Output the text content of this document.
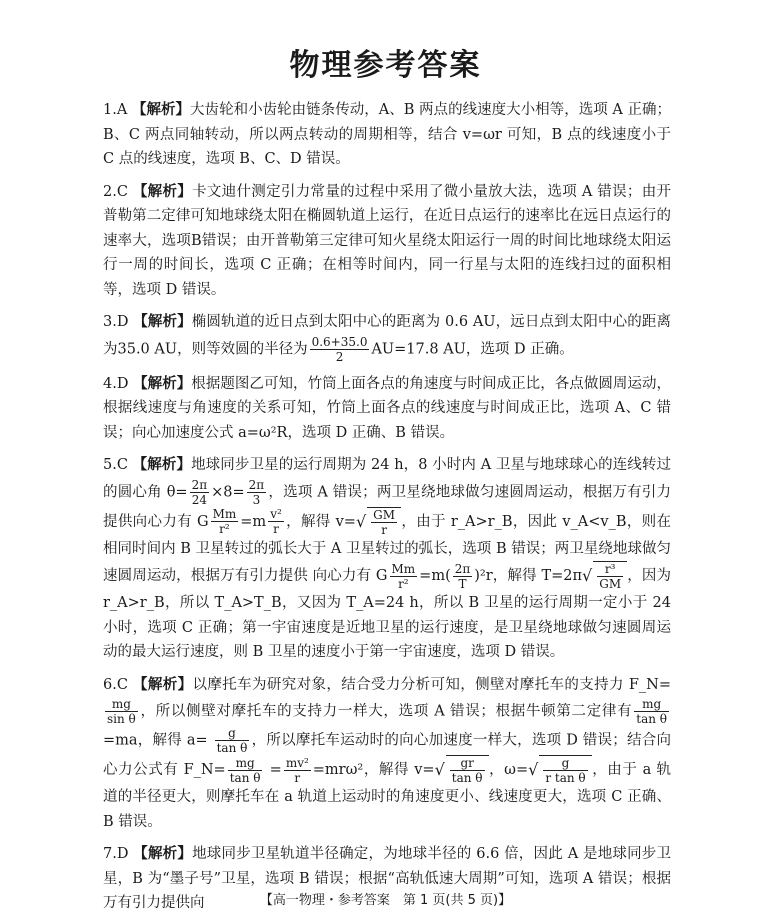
物理参考答案
1.A 【解析】大齿轮和小齿轮由链条传动，A、B 两点的线速度大小相等，选项 A 正确；B、C 两点同轴转动，所以两点转动的周期相等，结合 v=ωr 可知，B 点的线速度小于 C 点的线速度，选项 B、C、D 错误。
2.C 【解析】卡文迪什测定引力常量的过程中采用了微小量放大法，选项 A 错误；由开普勒第二定律可知地球绕太阳在椭圆轨道上运行，在近日点运行的速率比在远日点运行的速率大，选项B错误；由开普勒第三定律可知火星绕太阳运行一周的时间比地球绕太阳运行一周的时间长，选项 C 正确；在相等时间内，同一行星与太阳的连线扫过的面积相等，选项 D 错误。
3.D 【解析】椭圆轨道的近日点到太阳中心的距离为 0.6 AU，远日点到太阳中心的距离为35.0 AU，则等效圆的半径为 $\frac{0.6+35.0}{2} AU=17.8$ AU，选项 D 正确。
4.D 【解析】根据题图乙可知，竹筒上面各点的角速度与时间成正比，各点做圆周运动，根据线速度与角速度的关系可知，竹筒上面各点的线速度与时间成正比，选项 A、C 错误；向心加速度公式 a=ω²R，选项 D 正确、B 错误。
5.C 【解析】地球同步卫星的运行周期为 24 h，8 小时内 A 卫星与地球球心的连线转过的圆心角 $\theta= \frac{2\pi}{24} \times 8= \frac{2\pi}{3}$ ，选项 A 错误；两卫星绕地球做匀速圆周运动，根据万有引力提供向心力有 G $\frac{Mm}{\text{r²}} =m \frac{\text{v²}}{r}$ ，解得 $v=√ \frac{GM}{r}$ ，由于 r_A>r_B，因此 v_A<v_B，则在相同时间内 B 卫星转过的弧长大于 A 卫星转过的弧长，选项 B 错误；两卫星绕地球做匀速圆周运动，根据万有引力提供 向心力有 G $\frac{Mm}{\text{r²}} =m( \frac{2\pi}{T} )^2r$，解得 $T=2\pi√ \frac{\text{r³}}{GM}$ ，因为 r_A>r_B，所以 T_A>T_B，又因为 T_A=24 h，所以 B 卫星的运行周期一定小于 24 小时，选项 C 正确；第一宇宙速度是近地卫星的运行速度，是卫星绕地球做匀速圆周运动的最大运行速度，则 B 卫星的速度小于第一宇宙速度，选项 D 错误。
6.C 【解析】以摩托车为研究对象，结合受力分析可知，侧壁对摩托车的支持力 F_N=
$\frac{mg}{\text{sin θ}}$ ，所以侧壁对摩托车的支持力一样大，选项 A 错误；根据牛顿第二定律有 $\frac{mg}{\text{tan θ}}$
=ma，解得 $a= \frac{g}{\text{tan θ}}$ ，所以摩托车运动时的向心加速度一样大，选项 D 错误；结合向心力公式有 F_N= $\frac{mg}{\text{tan θ}} = \frac{\text{mv²}}{r} =mr\omega^2$，解得 $v=√ \frac{gr}{\text{tan θ}}$ ，$\omega=√ \frac{g}{\text{r tan θ}}$ ，由于 a 轨道的半径更大，则摩托车在 a 轨道上运动时的角速度更小、线速度更大，选项 C 正确、B 错误。
7.D 【解析】地球同步卫星轨道半径确定，为地球半径的 6.6 倍，因此 A 是地球同步卫星，B 为“墨子号”卫星，选项 B 错误；根据“高轨低速大周期”可知，选项 A 错误；根据万有引力提供向	【高一物理・参考答案　第 1 页(共 5 页)】
